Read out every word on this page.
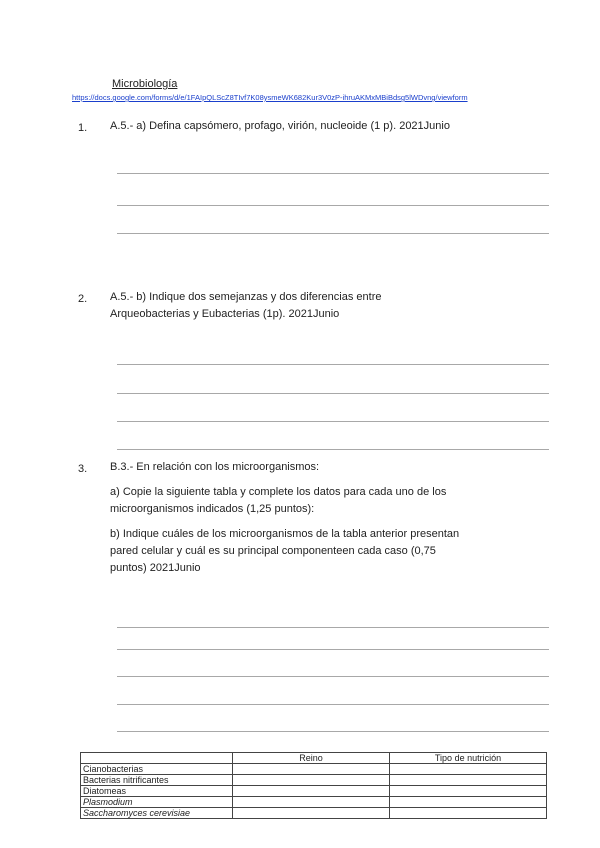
Microbiología
https://docs.google.com/forms/d/e/1FAIpQLScZ8TIvf7K08ysmeWK682Kur3V0zP-ihruAKMxMBiBdsg5lWDvng/viewform
1. A.5.- a) Defina capsómero, profago, virión, nucleoide (1 p). 2021Junio

2. A.5.- b) Indique dos semejanzas y dos diferencias entre

Arqueobacterias y Eubacterias (1p). 2021Junio

3. B.3.- En relación con los microorganismos:

a) Copie la siguiente tabla y complete los datos para cada uno de los

microorganismos indicados (1,25 puntos):

b) Indique cuáles de los microorganismos de la tabla anterior presentan

pared celular y cuál es su principal componenteen cada caso (0,75

puntos) 2021Junio

	Reino	Tipo de nutrición
Cianobacterias		
Bacterias nitrificantes		
Diatomeas		
Plasmodium		
Saccharomyces cerevisiae		
